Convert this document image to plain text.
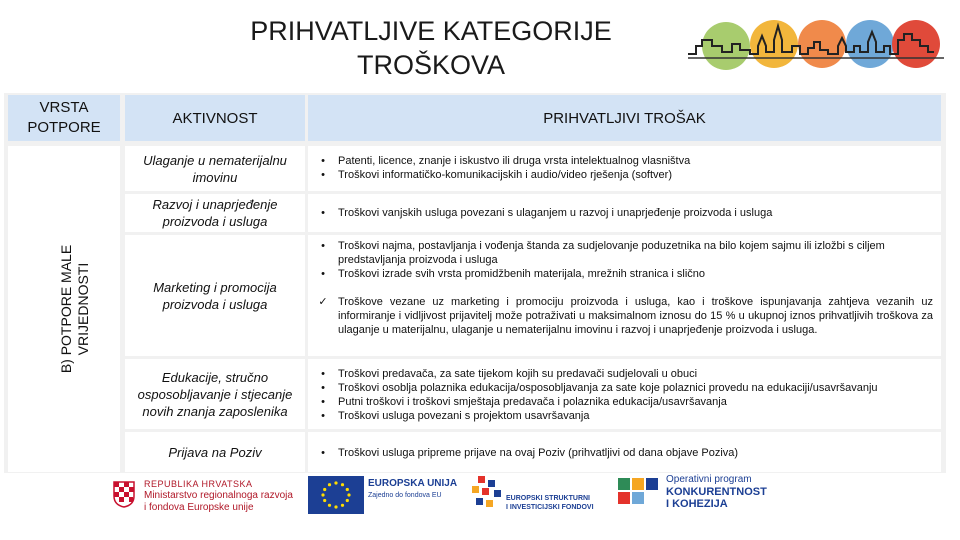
PRIHVATLJIVE KATEGORIJE
TROŠKOVA
VRSTA POTPORE
AKTIVNOST	PRIHVATLJIVI TROŠAK
B) POTPORE MALE VRIJEDNOSTI
Ulaganje u nematerijalnu imovinu
•	Patenti, licence, znanje i iskustvo ili druga vrsta intelektualnog vlasništva
•	Troškovi informatičko-komunikacijskih i audio/video rješenja (softver)
Razvoj i unaprjeđenje proizvoda i usluga
•	Troškovi vanjskih usluga povezani s ulaganjem u razvoj i unaprjeđenje proizvoda i usluga
Marketing i promocija proizvoda i usluga
•	Troškovi najma, postavljanja i vođenja štanda za sudjelovanje poduzetnika na bilo kojem sajmu ili izložbi s ciljem predstavljanja proizvoda i usluga
•	Troškovi izrade svih vrsta promidžbenih materijala, mrežnih stranica i slično
✓ Troškove vezane uz marketing i promociju proizvoda i usluga, kao i troškove ispunjavanja zahtjeva vezanih uz informiranje i vidljivost prijavitelj može potraživati u maksimalnom iznosu do 15 % u ukupnoj iznos prihvatljivih troškova za ulaganje u materijalnu, ulaganje u nematerijalnu imovinu i razvoj i unaprjeđenje proizvoda i usluga.
Edukacije, stručno osposobljavanje i stjecanje novih znanja zaposlenika
•	Troškovi predavača, za sate tijekom kojih su predavači sudjelovali u obuci
•	Troškovi osoblja polaznika edukacija/osposobljavanja za sate koje polaznici provedu na edukaciji/usavršavanju
•	Putni troškovi i troškovi smještaja predavača i polaznika edukacija/usavršavanja
•	Troškovi usluga povezani s projektom usavršavanja
Prijava na Poziv	•	Troškovi usluga pripreme prijave na ovaj Poziv (prihvatljivi od dana objave Poziva)
REPUBLIKA HRVATSKA
Ministarstvo regionalnoga razvoja
i fondova Europske unije
EUROPSKA UNIJA
Zajedno do fondova EU	EUROPSKI STRUKTURNI
I INVESTICIJSKI FONDOVI
Operativni program
KONKURENTNOST
I KOHEZIJA
